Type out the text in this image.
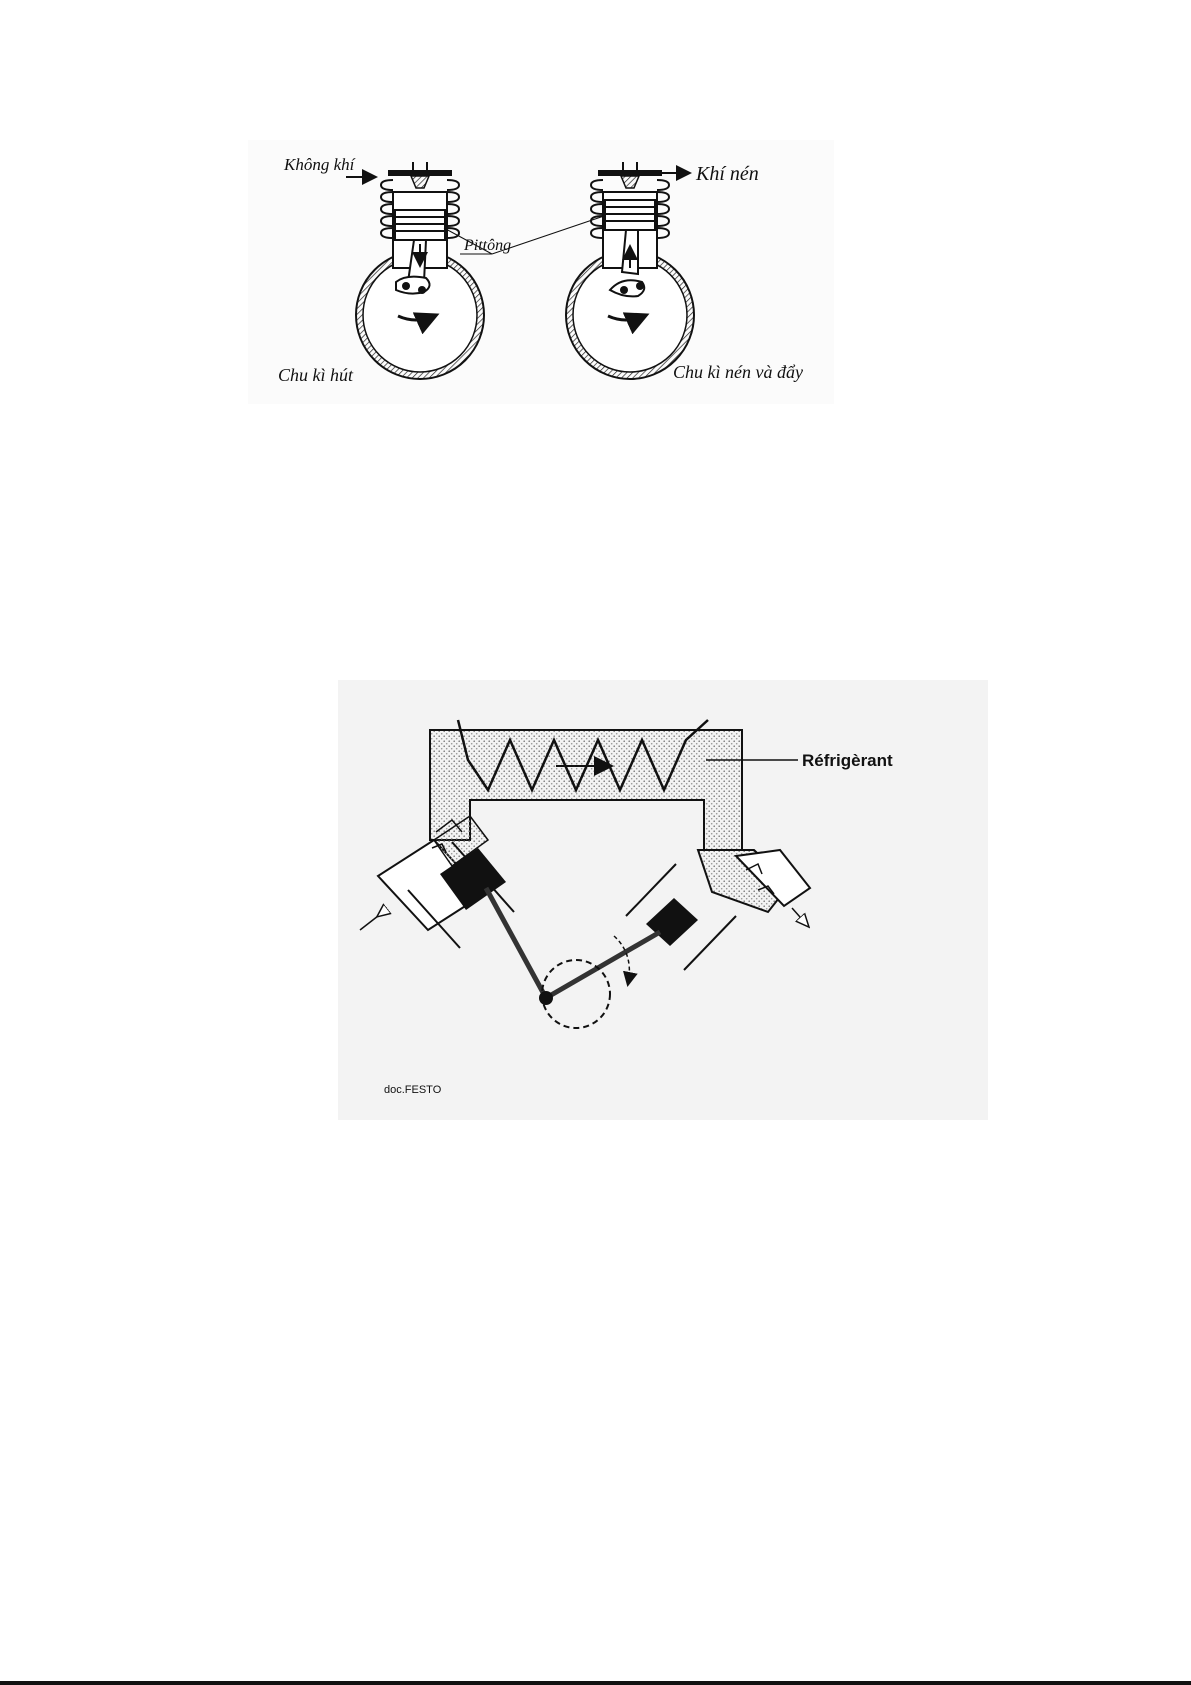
Không khí	Khí nén
Pittông
Chu kì hút	Chu kì nén và đẩy
Réfrigèrant
doc.FESTO
